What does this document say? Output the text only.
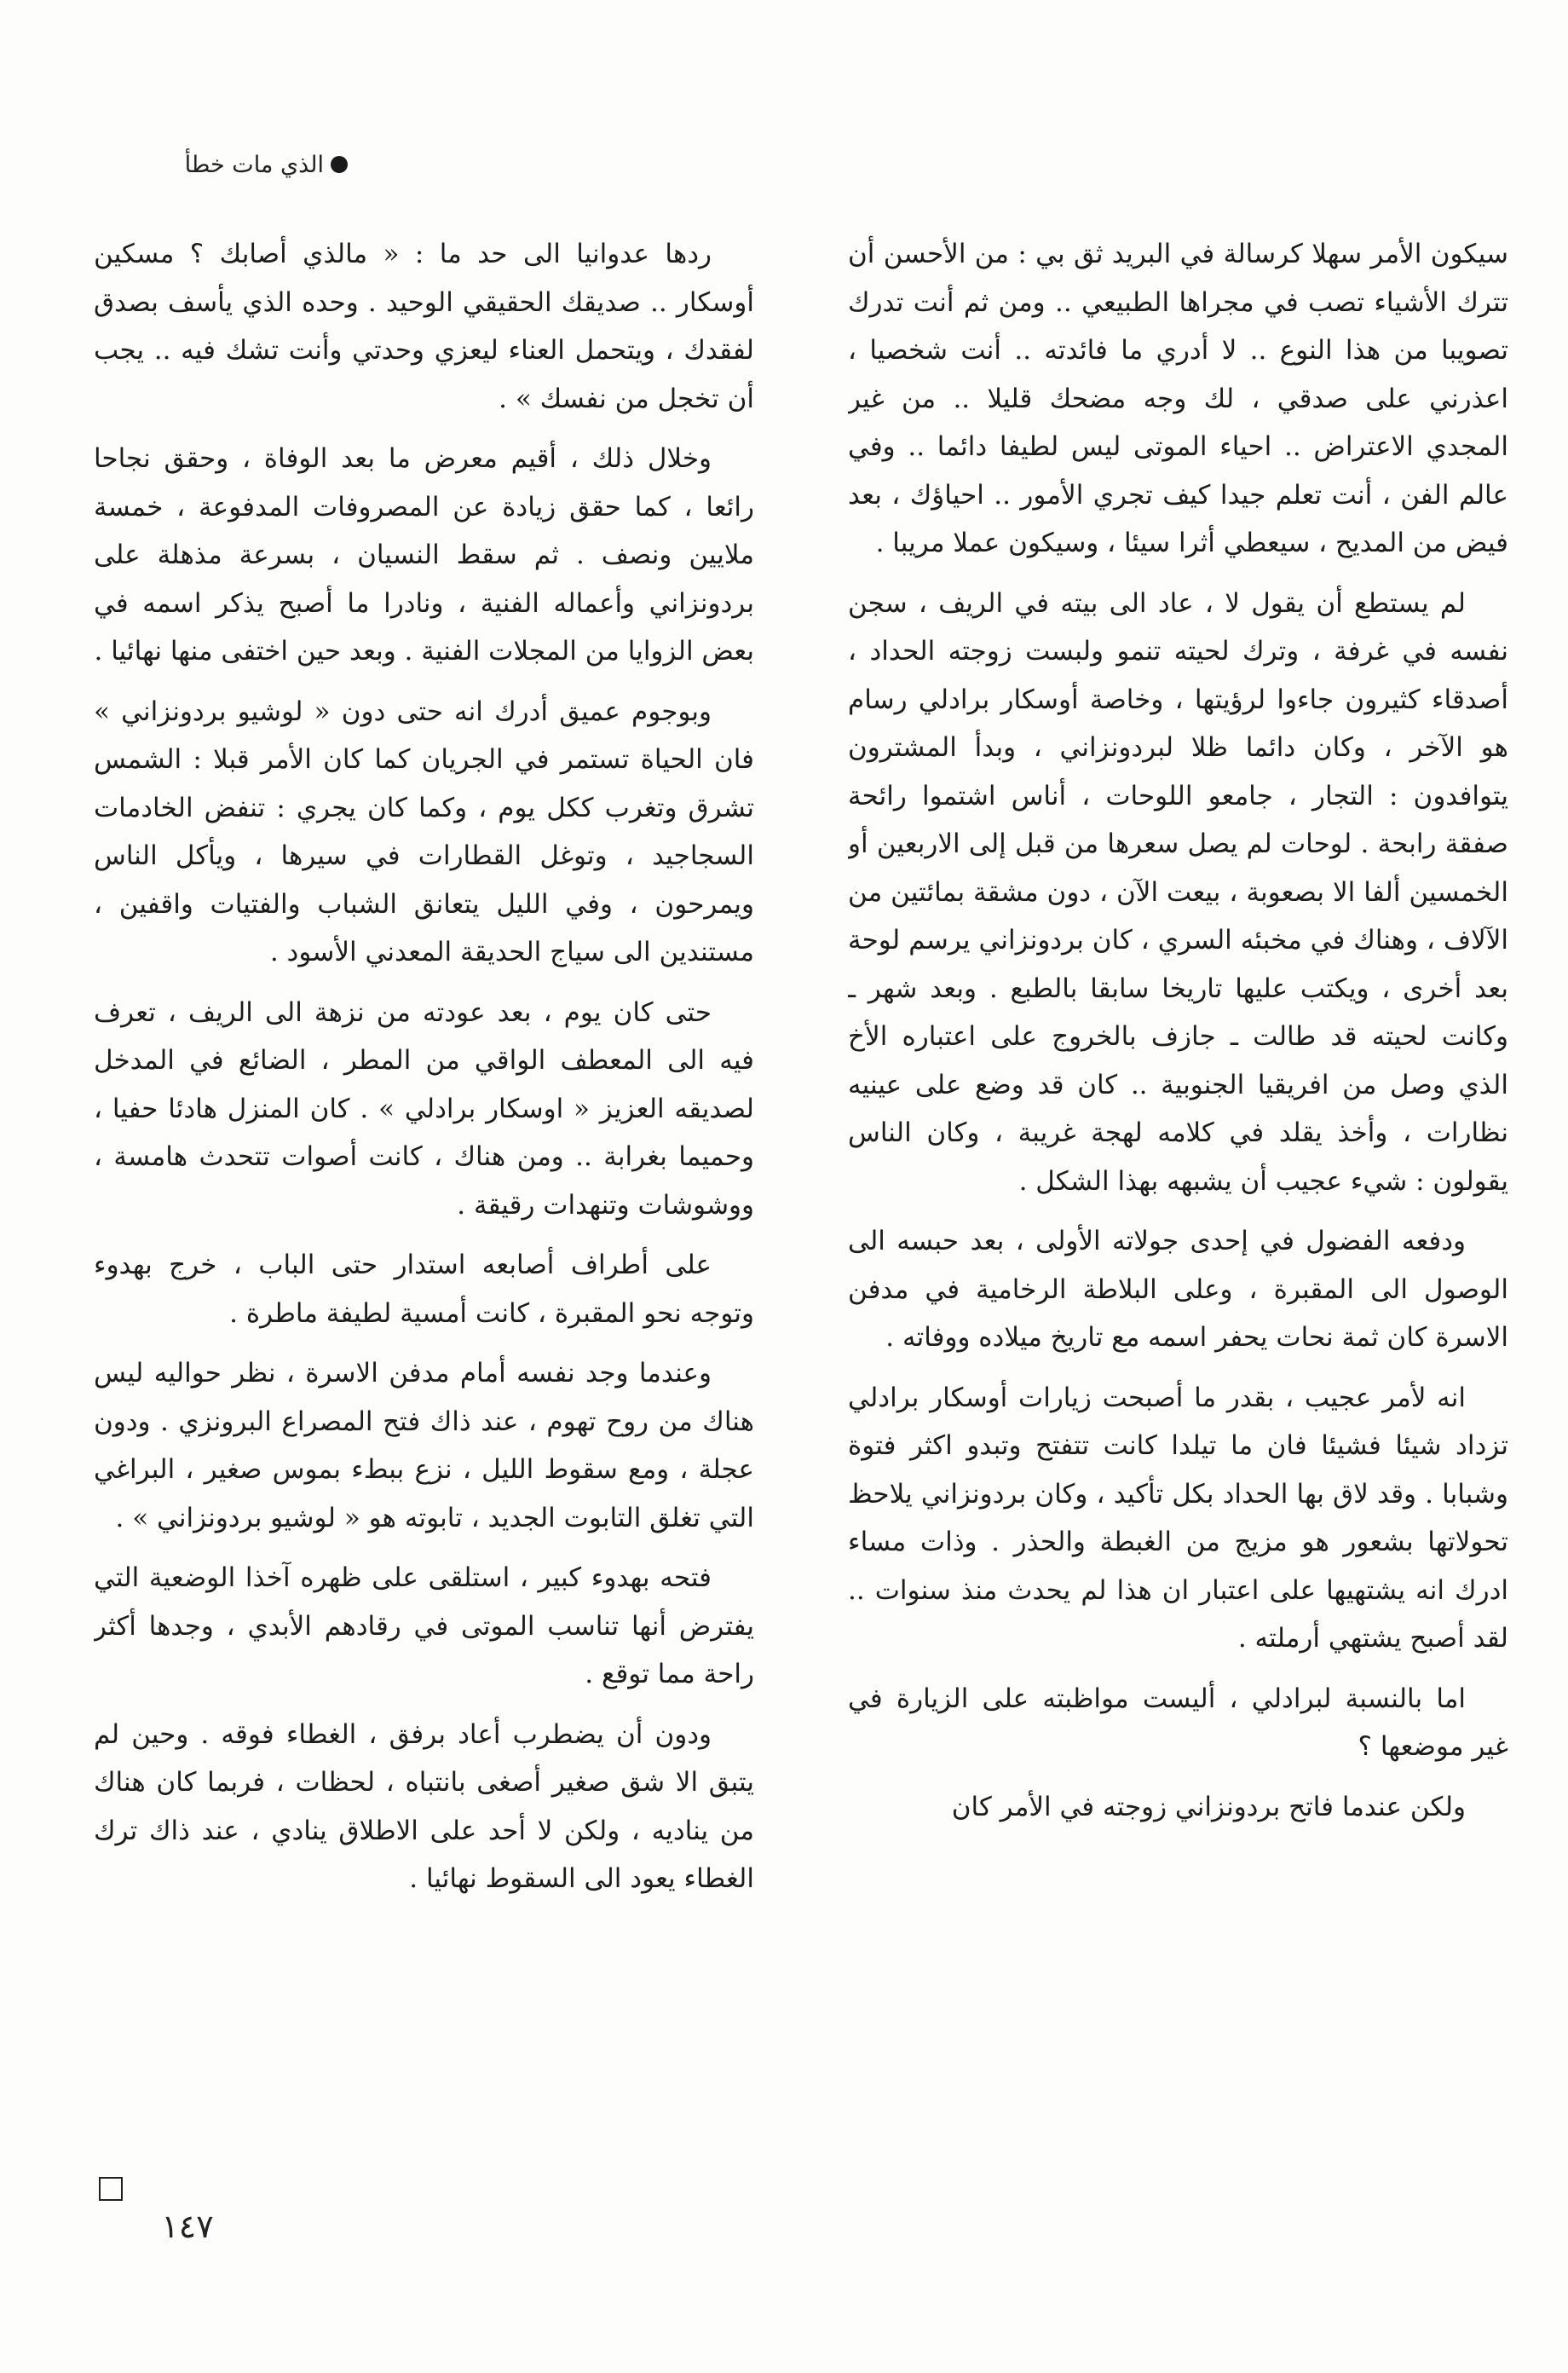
الذي مات خطأ

سيكون الأمر سهلا كرسالة في البريد ثق بي : من الأحسن أن تترك الأشياء تصب في مجراها الطبيعي .. ومن ثم أنت تدرك تصويبا من هذا النوع .. لا أدري ما فائدته .. أنت شخصيا ، اعذرني على صدقي ، لك وجه مضحك قليلا .. من غير المجدي الاعتراض .. احياء الموتى ليس لطيفا دائما .. وفي عالم الفن ، أنت تعلم جيدا كيف تجري الأمور .. احياؤك ، بعد فيض من المديح ، سيعطي أثرا سيئا ، وسيكون عملا مريبا .

لم يستطع أن يقول لا ، عاد الى بيته في الريف ، سجن نفسه في غرفة ، وترك لحيته تنمو ولبست زوجته الحداد ، أصدقاء كثيرون جاءوا لرؤيتها ، وخاصة أوسكار برادلي رسام هو الآخر ، وكان دائما ظلا لبردونزاني ، وبدأ المشترون يتوافدون : التجار ، جامعو اللوحات ، أناس اشتموا رائحة صفقة رابحة . لوحات لم يصل سعرها من قبل إلى الاربعين أو الخمسين ألفا الا بصعوبة ، بيعت الآن ، دون مشقة بمائتين من الآلاف ، وهناك في مخبئه السري ، كان بردونزاني يرسم لوحة بعد أخرى ، ويكتب عليها تاريخا سابقا بالطبع . وبعد شهر ـ وكانت لحيته قد طالت ـ جازف بالخروج على اعتباره الأخ الذي وصل من افريقيا الجنوبية .. كان قد وضع على عينيه نظارات ، وأخذ يقلد في كلامه لهجة غريبة ، وكان الناس يقولون : شيء عجيب أن يشبهه بهذا الشكل .

ودفعه الفضول في إحدى جولاته الأولى ، بعد حبسه الى الوصول الى المقبرة ، وعلى البلاطة الرخامية في مدفن الاسرة كان ثمة نحات يحفر اسمه مع تاريخ ميلاده ووفاته .

انه لأمر عجيب ، بقدر ما أصبحت زيارات أوسكار برادلي تزداد شيئا فشيئا فان ما تيلدا كانت تتفتح وتبدو اكثر فتوة وشبابا . وقد لاق بها الحداد بكل تأكيد ، وكان بردونزاني يلاحظ تحولاتها بشعور هو مزيج من الغبطة والحذر . وذات مساء ادرك انه يشتهيها على اعتبار ان هذا لم يحدث منذ سنوات .. لقد أصبح يشتهي أرملته .

اما بالنسبة لبرادلي ، أليست مواظبته على الزيارة في غير موضعها ؟

ولكن عندما فاتح بردونزاني زوجته في الأمر كان

ردها عدوانيا الى حد ما : « مالذي أصابك ؟ مسكين أوسكار .. صديقك الحقيقي الوحيد . وحده الذي يأسف بصدق لفقدك ، ويتحمل العناء ليعزي وحدتي وأنت تشك فيه .. يجب أن تخجل من نفسك » .

وخلال ذلك ، أقيم معرض ما بعد الوفاة ، وحقق نجاحا رائعا ، كما حقق زيادة عن المصروفات المدفوعة ، خمسة ملايين ونصف . ثم سقط النسيان ، بسرعة مذهلة على بردونزاني وأعماله الفنية ، ونادرا ما أصبح يذكر اسمه في بعض الزوايا من المجلات الفنية . وبعد حين اختفى منها نهائيا .

وبوجوم عميق أدرك انه حتى دون « لوشيو بردونزاني » فان الحياة تستمر في الجريان كما كان الأمر قبلا : الشمس تشرق وتغرب ككل يوم ، وكما كان يجري : تنفض الخادمات السجاجيد ، وتوغل القطارات في سيرها ، ويأكل الناس ويمرحون ، وفي الليل يتعانق الشباب والفتيات واقفين ، مستندين الى سياج الحديقة المعدني الأسود .

حتى كان يوم ، بعد عودته من نزهة الى الريف ، تعرف فيه الى المعطف الواقي من المطر ، الضائع في المدخل لصديقه العزيز « اوسكار برادلي » . كان المنزل هادئا حفيا ، وحميما بغرابة .. ومن هناك ، كانت أصوات تتحدث هامسة ، ووشوشات وتنهدات رقيقة .

على أطراف أصابعه استدار حتى الباب ، خرج بهدوء وتوجه نحو المقبرة ، كانت أمسية لطيفة ماطرة .

وعندما وجد نفسه أمام مدفن الاسرة ، نظر حواليه ليس هناك من روح تهوم ، عند ذاك فتح المصراع البرونزي . ودون عجلة ، ومع سقوط الليل ، نزع ببطء بموس صغير ، البراغي التي تغلق التابوت الجديد ، تابوته هو « لوشيو بردونزاني » .

فتحه بهدوء كبير ، استلقى على ظهره آخذا الوضعية التي يفترض أنها تناسب الموتى في رقادهم الأبدي ، وجدها أكثر راحة مما توقع .

ودون أن يضطرب أعاد برفق ، الغطاء فوقه . وحين لم يتبق الا شق صغير أصغى بانتباه ، لحظات ، فربما كان هناك من يناديه ، ولكن لا أحد على الاطلاق ينادي ، عند ذاك ترك الغطاء يعود الى السقوط نهائيا .

١٤٧
